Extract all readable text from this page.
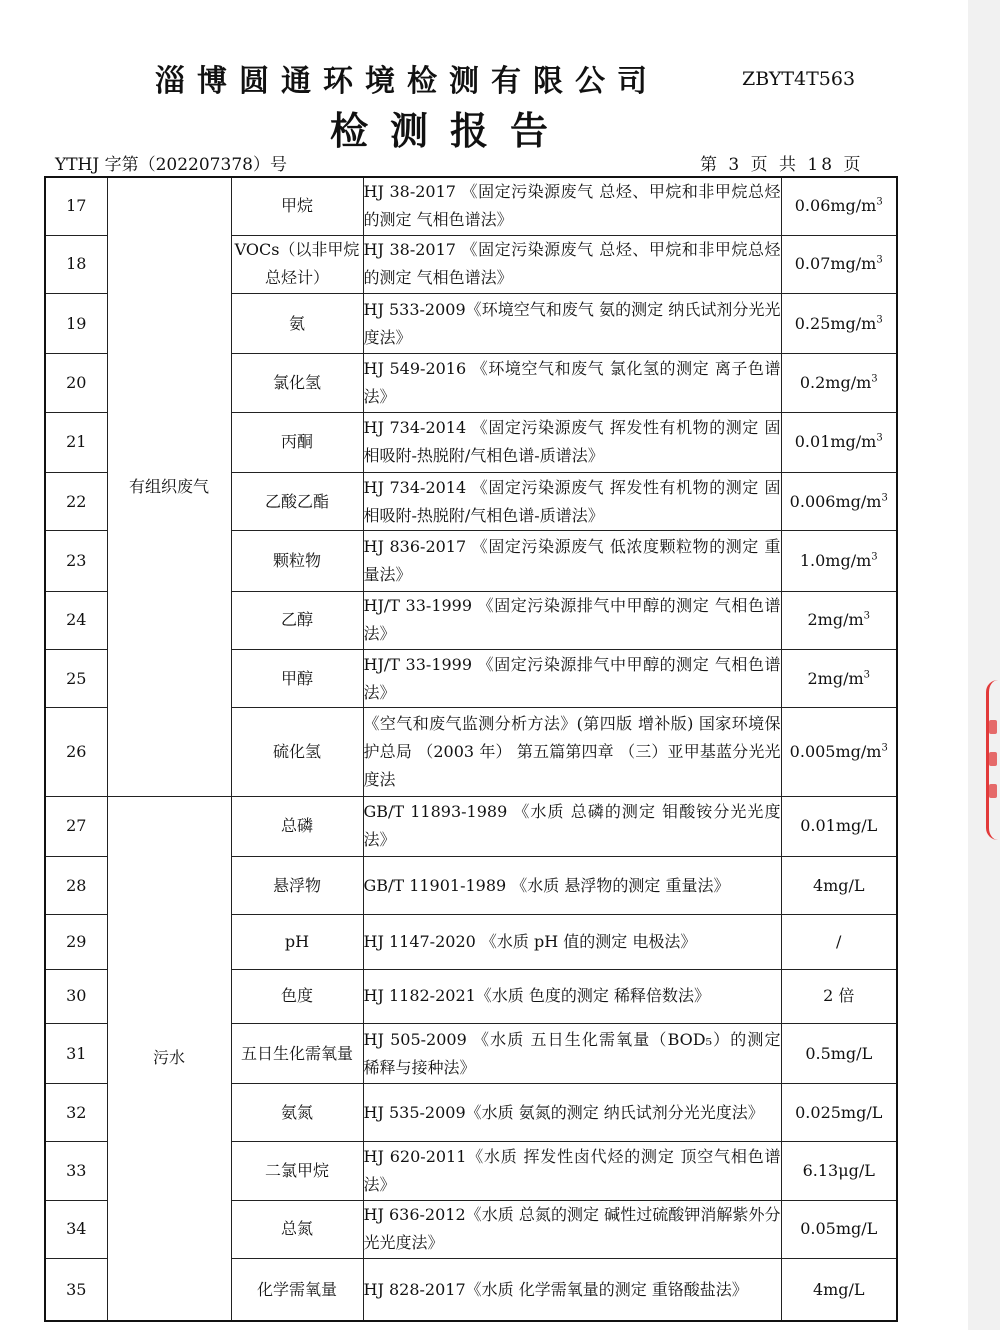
淄博圆通环境检测有限公司	ZBYT4T563
检测报告
YTHJ 字第（202207378）号	第 3 页 共 18 页
17	有组织废气	甲烷	HJ 38-2017 《固定污染源废气 总烃、甲烷和非甲烷总烃的测定 气相色谱法》	$0.06mg/m^3$
18		VOCs（以非甲烷总烃计）	HJ 38-2017 《固定污染源废气 总烃、甲烷和非甲烷总烃的测定 气相色谱法》	$0.07mg/m^3$
19		氨	HJ 533-2009《环境空气和废气 氨的测定 纳氏试剂分光光度法》	$0.25mg/m^3$
20		氯化氢	HJ 549-2016 《环境空气和废气 氯化氢的测定 离子色谱法》	$0.2mg/m^3$
21		丙酮	HJ 734-2014 《固定污染源废气 挥发性有机物的测定 固相吸附-热脱附/气相色谱-质谱法》	$0.01mg/m^3$
22		乙酸乙酯	HJ 734-2014 《固定污染源废气 挥发性有机物的测定 固相吸附-热脱附/气相色谱-质谱法》	$0.006mg/m^3$
23		颗粒物	HJ 836-2017 《固定污染源废气 低浓度颗粒物的测定 重量法》	$1.0mg/m^3$
24		乙醇	HJ/T 33-1999 《固定污染源排气中甲醇的测定 气相色谱法》	$2mg/m^3$
25		甲醇	HJ/T 33-1999 《固定污染源排气中甲醇的测定 气相色谱法》	$2mg/m^3$
26		硫化氢	《空气和废气监测分析方法》(第四版 增补版) 国家环境保护总局 （2003 年） 第五篇第四章 （三）亚甲基蓝分光光度法	$0.005mg/m^3$
27	污水	总磷	GB/T 11893-1989 《水质 总磷的测定 钼酸铵分光光度法》	0.01mg/L
28		悬浮物	GB/T 11901-1989 《水质 悬浮物的测定 重量法》	4mg/L
29		pH	HJ 1147-2020 《水质 pH 值的测定 电极法》	/
30		色度	HJ 1182-2021《水质 色度的测定 稀释倍数法》	2 倍
31		五日生化需氧量	HJ 505-2009 《水质 五日生化需氧量（BOD₅）的测定 稀释与接种法》	0.5mg/L
32		氨氮	HJ 535-2009《水质 氨氮的测定 纳氏试剂分光光度法》	0.025mg/L
33		二氯甲烷	HJ 620-2011《水质 挥发性卤代烃的测定 顶空气相色谱法》	6.13μg/L
34		总氮	HJ 636-2012《水质 总氮的测定 碱性过硫酸钾消解紫外分光光度法》	0.05mg/L
35		化学需氧量	HJ 828-2017《水质 化学需氧量的测定 重铬酸盐法》	4mg/L
